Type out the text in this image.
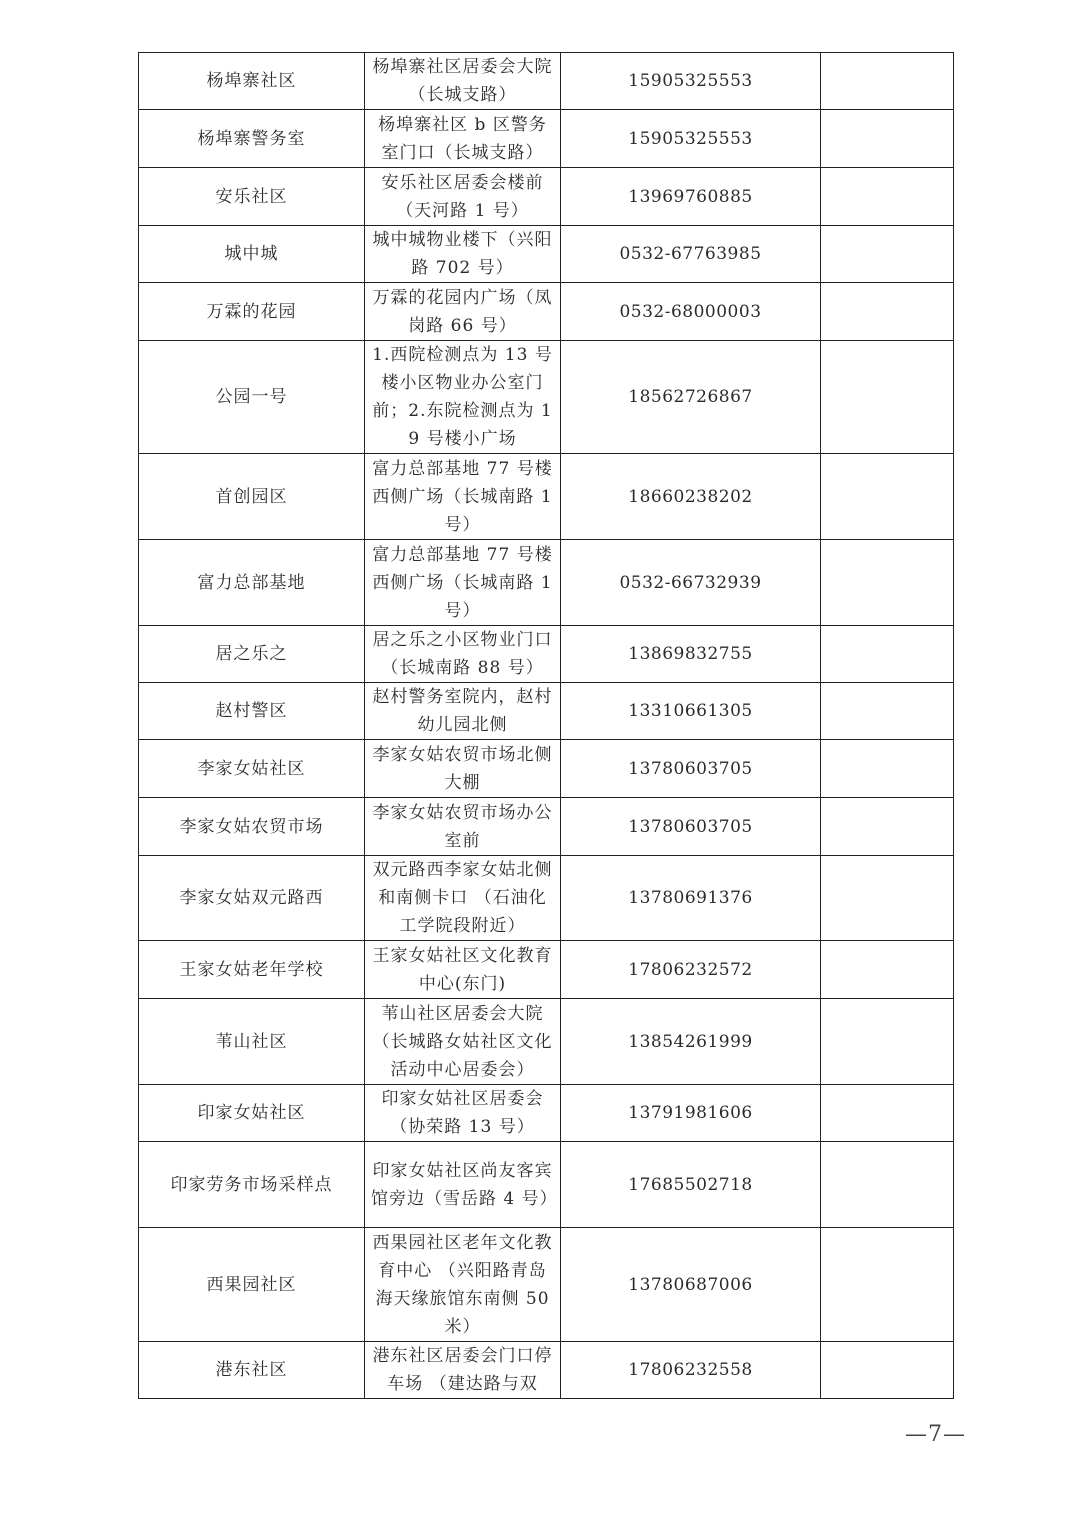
杨埠寨社区	杨埠寨社区居委会大院（长城支路）	15905325553	
杨埠寨警务室	杨埠寨社区 b 区警务室门口（长城支路）	15905325553	
安乐社区	安乐社区居委会楼前（天河路 1 号）	13969760885	
城中城	城中城物业楼下（兴阳路 702 号）	0532-67763985	
万霖的花园	万霖的花园内广场（凤岗路 66 号）	0532-68000003	
公园一号	1.西院检测点为 13 号楼小区物业办公室门前；2.东院检测点为 19 号楼小广场	18562726867	
首创园区	富力总部基地 77 号楼西侧广场（长城南路 1 号）	18660238202	
富力总部基地	富力总部基地 77 号楼西侧广场（长城南路 1 号）	0532-66732939	
居之乐之	居之乐之小区物业门口（长城南路 88 号）	13869832755	
赵村警区	赵村警务室院内，赵村幼儿园北侧	13310661305	
李家女姑社区	李家女姑农贸市场北侧大棚	13780603705	
李家女姑农贸市场	李家女姑农贸市场办公室前	13780603705	
李家女姑双元路西	双元路西李家女姑北侧和南侧卡口 （石油化工学院段附近）	13780691376	
王家女姑老年学校	王家女姑社区文化教育中心(东门)	17806232572	
苇山社区	苇山社区居委会大院（长城路女姑社区文化活动中心居委会）	13854261999	
印家女姑社区	印家女姑社区居委会（协荣路 13 号）	13791981606	
印家劳务市场采样点	印家女姑社区尚友客宾馆旁边（雪岳路 4 号）	17685502718	
西果园社区	西果园社区老年文化教育中心 （兴阳路青岛海天缘旅馆东南侧 50 米）	13780687006	
港东社区	港东社区居委会门口停车场 （建达路与双	17806232558	
—7—
